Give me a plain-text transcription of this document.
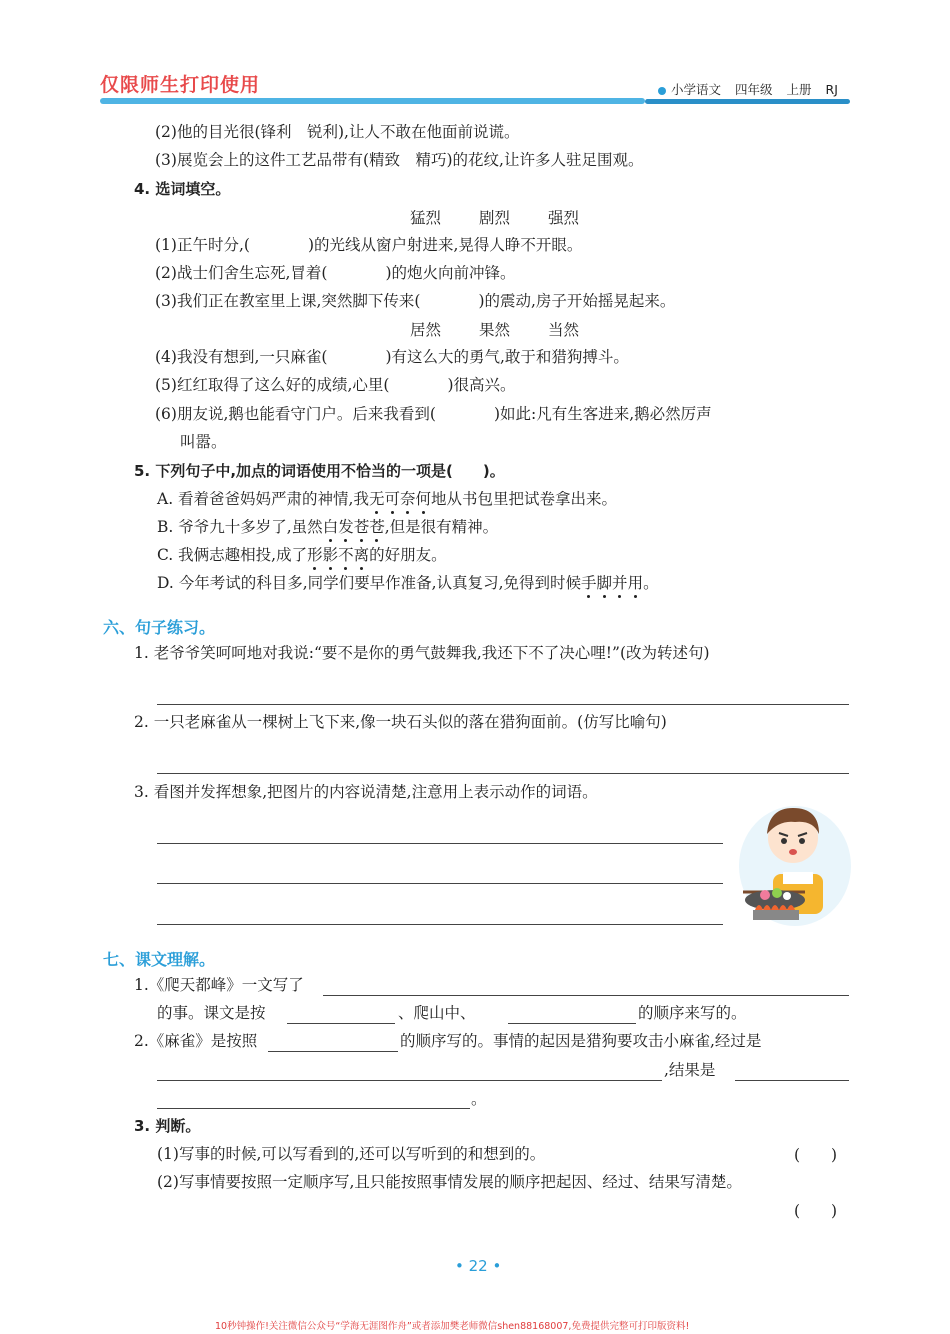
仅限师生打印使用	小学语文 四年级 上册 RJ
(2)他的目光很(锋利　锐利),让人不敢在他面前说谎。
(3)展览会上的这件工艺品带有(精致　精巧)的花纹,让许多人驻足围观。
4. 选词填空。
猛烈 剧烈 强烈
(1)正午时分,(	)的光线从窗户射进来,晃得人睁不开眼。
(2)战士们舍生忘死,冒着(	)的炮火向前冲锋。
(3)我们正在教室里上课,突然脚下传来(	)的震动,房子开始摇晃起来。
居然 果然 当然
(4)我没有想到,一只麻雀(	)有这么大的勇气,敢于和猎狗搏斗。
(5)红红取得了这么好的成绩,心里(	)很高兴。
(6)朋友说,鹅也能看守门户。后来我看到(	)如此:凡有生客进来,鹅必然厉声
叫嚣。
5. 下列句子中,加点的词语使用不恰当的一项是(　　)。
A. 看着爸爸妈妈严肃的神情,我无可奈何地从书包里把试卷拿出来。
B. 爷爷九十多岁了,虽然白发苍苍,但是很有精神。
C. 我俩志趣相投,成了形影不离的好朋友。
D. 今年考试的科目多,同学们要早作准备,认真复习,免得到时候手脚并用。
六、句子练习。
1. 老爷爷笑呵呵地对我说:“要不是你的勇气鼓舞我,我还下不了决心哩!”(改为转述句)
2. 一只老麻雀从一棵树上飞下来,像一块石头似的落在猎狗面前。(仿写比喻句)
3. 看图并发挥想象,把图片的内容说清楚,注意用上表示动作的词语。
七、课文理解。
1.《爬天都峰》一文写了
的事。课文是按	、爬山中、	的顺序来写的。
2.《麻雀》是按照	的顺序写的。事情的起因是猎狗要攻击小麻雀,经过是
,结果是
。
3. 判断。
(1)写事的时候,可以写看到的,还可以写听到的和想到的。	(　　)
(2)写事情要按照一定顺序写,且只能按照事情发展的顺序把起因、经过、结果写清楚。
(　　)
• 22 •
10秒钟操作!关注微信公众号“学海无涯图作舟”或者添加樊老师微信shen88168007,免费提供完整可打印版资料!
